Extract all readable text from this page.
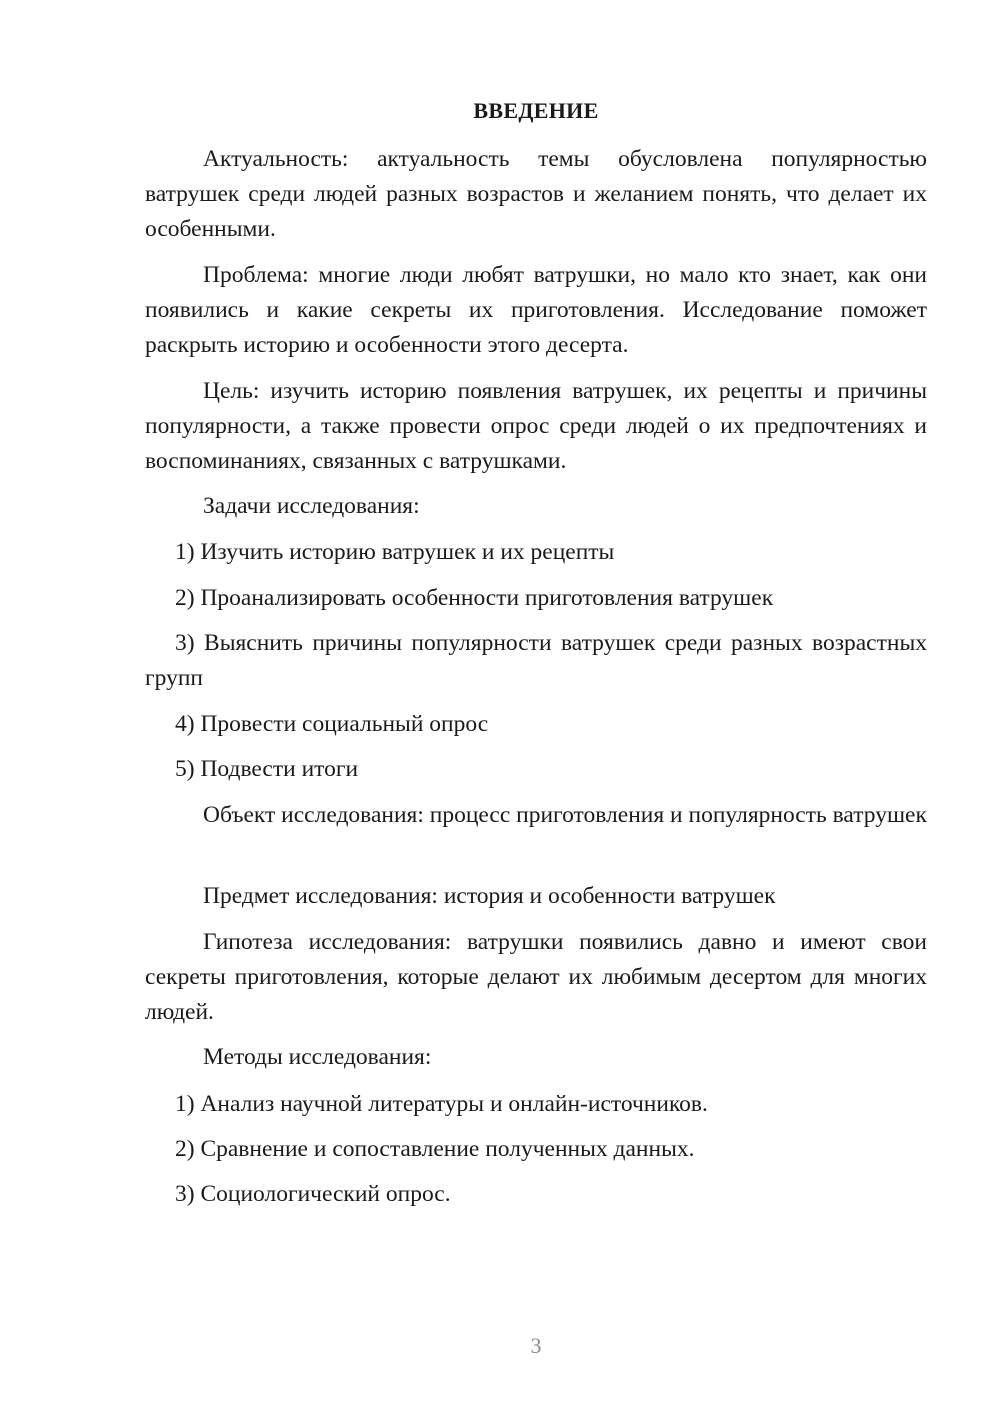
ВВЕДЕНИЕ

Актуальность: актуальность темы обусловлена популярностью ватрушек среди людей разных возрастов и желанием понять, что делает их особенными.

Проблема: многие люди любят ватрушки, но мало кто знает, как они появились и какие секреты их приготовления. Исследование поможет раскрыть историю и особенности этого десерта.

Цель: изучить историю появления ватрушек, их рецепты и причины популярности, а также провести опрос среди людей о их предпочтениях и воспоминаниях, связанных с ватрушками.

Задачи исследования:

1) Изучить историю ватрушек и их рецепты

2) Проанализировать особенности приготовления ватрушек

3) Выяснить причины популярности ватрушек среди разных возрастных групп

4) Провести социальный опрос

5) Подвести итоги

Объект исследования: процесс приготовления и популярность ватрушек

Предмет исследования: история и особенности ватрушек

Гипотеза исследования: ватрушки появились давно и имеют свои секреты приготовления, которые делают их любимым десертом для многих людей.

Методы исследования:

1) Анализ научной литературы и онлайн-источников.

2) Сравнение и сопоставление полученных данных.

3) Социологический опрос.

3
